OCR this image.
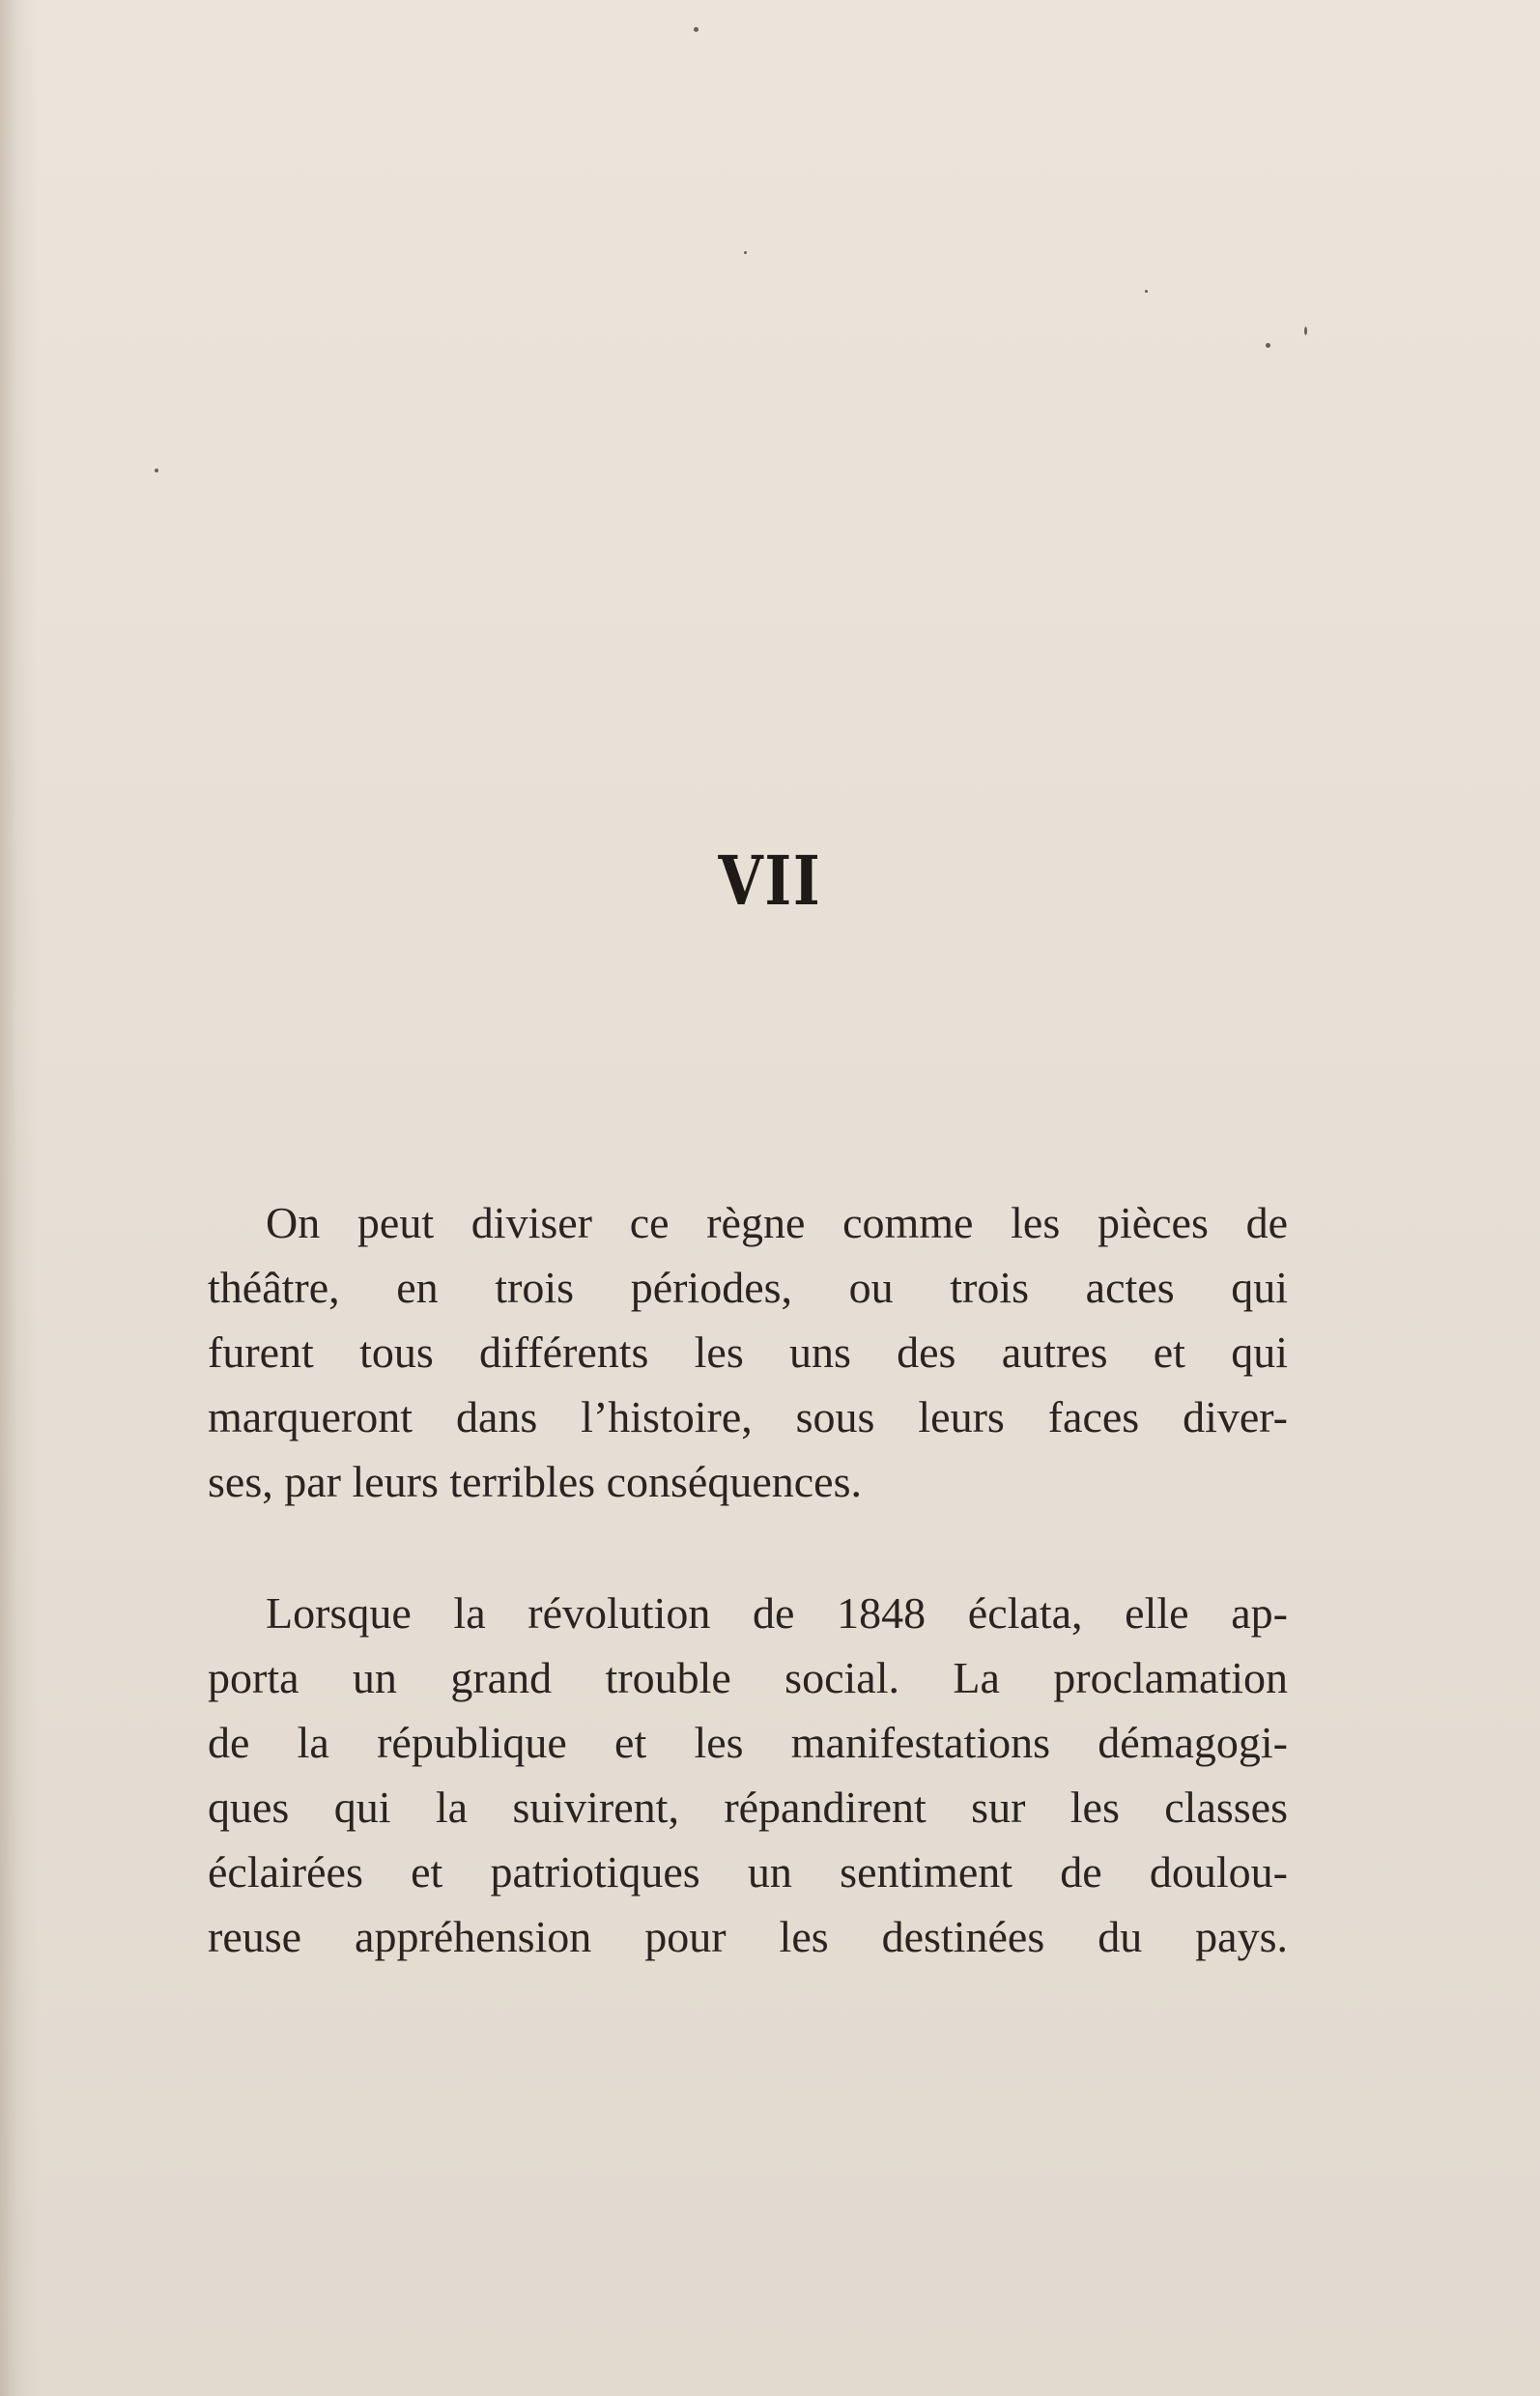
VII
On peut diviser ce règne comme les pièces de
théâtre, en trois périodes, ou trois actes qui
furent tous différents les uns des autres et qui
marqueront dans l’histoire, sous leurs faces diver-
ses, par leurs terribles conséquences.
Lorsque la révolution de 1848 éclata, elle ap-
porta un grand trouble social. La proclamation
de la république et les manifestations démagogi-
ques qui la suivirent, répandirent sur les classes
éclairées et patriotiques un sentiment de doulou-
reuse appréhension pour les destinées du pays.
